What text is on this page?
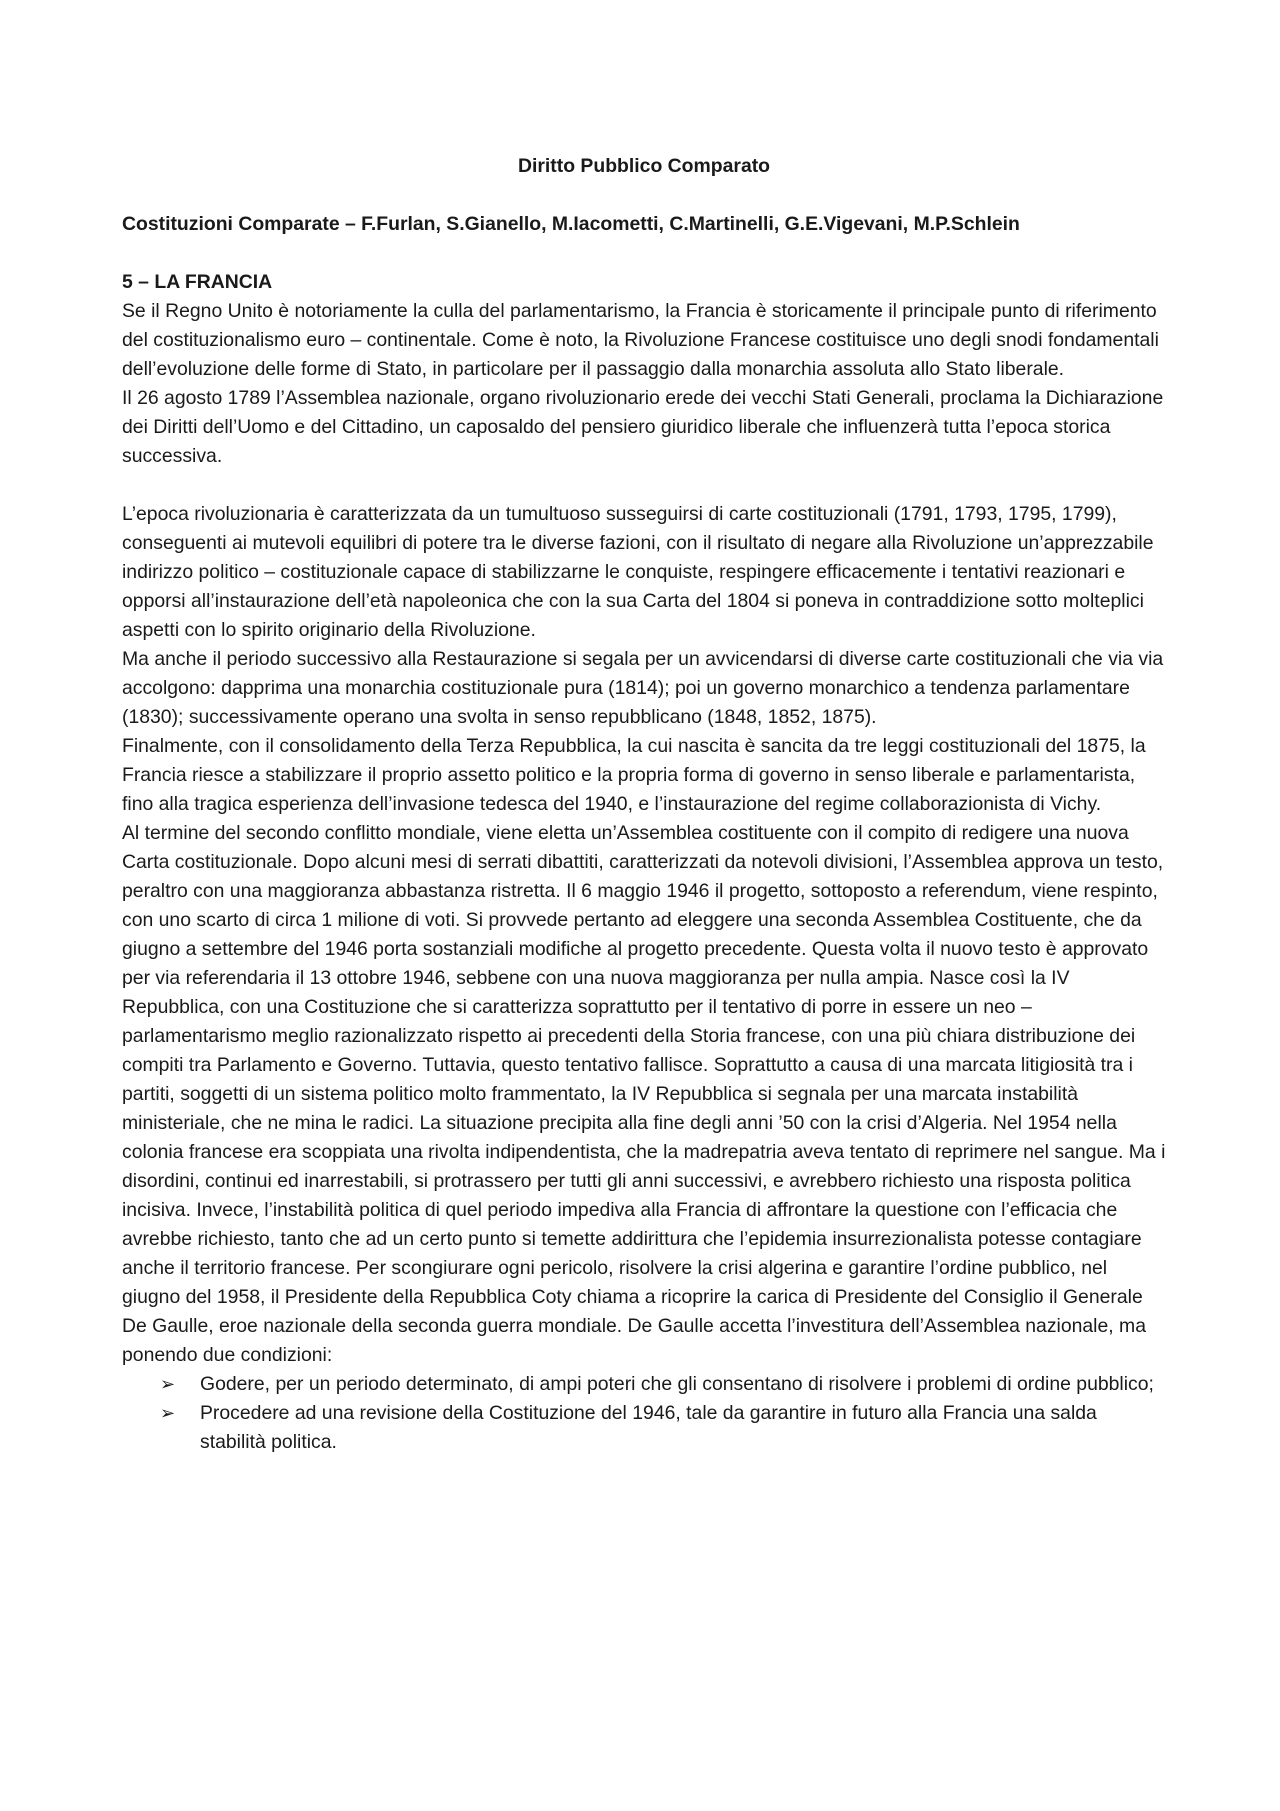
Diritto Pubblico Comparato

Costituzioni Comparate – F.Furlan, S.Gianello, M.Iacometti, C.Martinelli, G.E.Vigevani, M.P.Schlein

5 – LA FRANCIA

Se il Regno Unito è notoriamente la culla del parlamentarismo, la Francia è storicamente il principale punto di riferimento del costituzionalismo euro – continentale. Come è noto, la Rivoluzione Francese costituisce uno degli snodi fondamentali dell’evoluzione delle forme di Stato, in particolare per il passaggio dalla monarchia assoluta allo Stato liberale.

Il 26 agosto 1789 l’Assemblea nazionale, organo rivoluzionario erede dei vecchi Stati Generali, proclama la Dichiarazione dei Diritti dell’Uomo e del Cittadino, un caposaldo del pensiero giuridico liberale che influenzerà tutta l’epoca storica successiva.

L’epoca rivoluzionaria è caratterizzata da un tumultuoso susseguirsi di carte costituzionali (1791, 1793, 1795, 1799), conseguenti ai mutevoli equilibri di potere tra le diverse fazioni, con il risultato di negare alla Rivoluzione un’apprezzabile indirizzo politico – costituzionale capace di stabilizzarne le conquiste, respingere efficacemente i tentativi reazionari e opporsi all’instaurazione dell’età napoleonica che con la sua Carta del 1804 si poneva in contraddizione sotto molteplici aspetti con lo spirito originario della Rivoluzione.

Ma anche il periodo successivo alla Restaurazione si segala per un avvicendarsi di diverse carte costituzionali che via via accolgono: dapprima una monarchia costituzionale pura (1814); poi un governo monarchico a tendenza parlamentare (1830); successivamente operano una svolta in senso repubblicano (1848, 1852, 1875).

Finalmente, con il consolidamento della Terza Repubblica, la cui nascita è sancita da tre leggi costituzionali del 1875, la Francia riesce a stabilizzare il proprio assetto politico e la propria forma di governo in senso liberale e parlamentarista, fino alla tragica esperienza dell’invasione tedesca del 1940, e l’instaurazione del regime collaborazionista di Vichy.

Al termine del secondo conflitto mondiale, viene eletta un’Assemblea costituente con il compito di redigere una nuova Carta costituzionale. Dopo alcuni mesi di serrati dibattiti, caratterizzati da notevoli divisioni, l’Assemblea approva un testo, peraltro con una maggioranza abbastanza ristretta. Il 6 maggio 1946 il progetto, sottoposto a referendum, viene respinto, con uno scarto di circa 1 milione di voti. Si provvede pertanto ad eleggere una seconda Assemblea Costituente, che da giugno a settembre del 1946 porta sostanziali modifiche al progetto precedente. Questa volta il nuovo testo è approvato per via referendaria il 13 ottobre 1946, sebbene con una nuova maggioranza per nulla ampia. Nasce così la IV Repubblica, con una Costituzione che si caratterizza soprattutto per il tentativo di porre in essere un neo – parlamentarismo meglio razionalizzato rispetto ai precedenti della Storia francese, con una più chiara distribuzione dei compiti tra Parlamento e Governo. Tuttavia, questo tentativo fallisce. Soprattutto a causa di una marcata litigiosità tra i partiti, soggetti di un sistema politico molto frammentato, la IV Repubblica si segnala per una marcata instabilità ministeriale, che ne mina le radici. La situazione precipita alla fine degli anni ’50 con la crisi d’Algeria. Nel 1954 nella colonia francese era scoppiata una rivolta indipendentista, che la madrepatria aveva tentato di reprimere nel sangue. Ma i disordini, continui ed inarrestabili, si protrassero per tutti gli anni successivi, e avrebbero richiesto una risposta politica incisiva. Invece, l’instabilità politica di quel periodo impediva alla Francia di affrontare la questione con l’efficacia che avrebbe richiesto, tanto che ad un certo punto si temette addirittura che l’epidemia insurrezionalista potesse contagiare anche il territorio francese. Per scongiurare ogni pericolo, risolvere la crisi algerina e garantire l’ordine pubblico, nel giugno del 1958, il Presidente della Repubblica Coty chiama a ricoprire la carica di Presidente del Consiglio il Generale De Gaulle, eroe nazionale della seconda guerra mondiale. De Gaulle accetta l’investitura dell’Assemblea nazionale, ma ponendo due condizioni:

➢ Godere, per un periodo determinato, di ampi poteri che gli consentano di risolvere i problemi di ordine pubblico;
➢ Procedere ad una revisione della Costituzione del 1946, tale da garantire in futuro alla Francia una salda stabilità politica.
